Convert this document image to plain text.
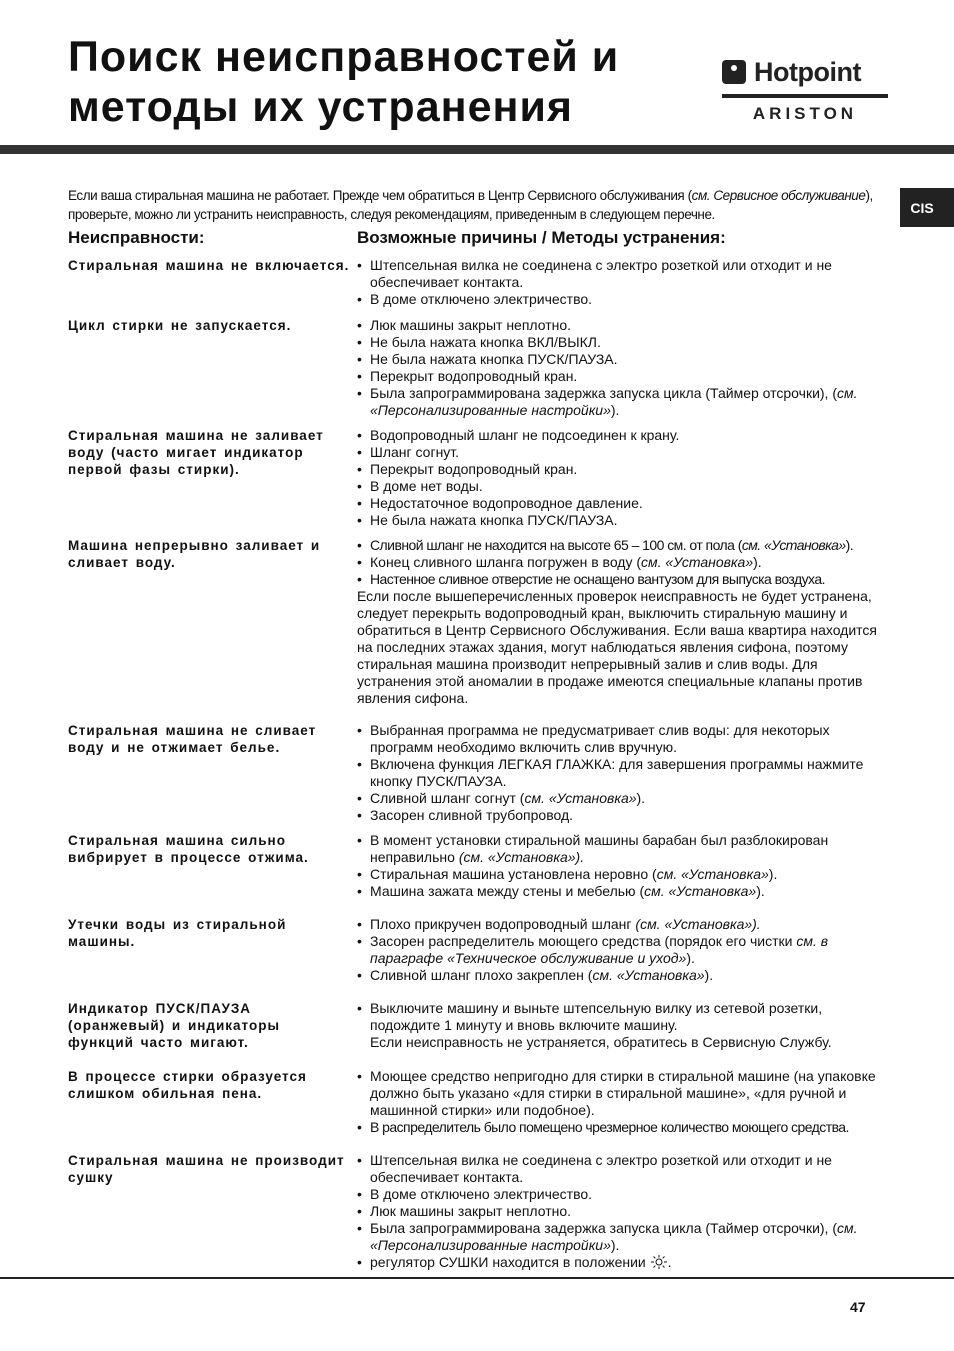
Поиск неисправностей и
методы их устранения
Hotpoint
ARISTON
CIS

Если ваша стиральная машина не работает. Прежде чем обратиться в Центр Сервисного обслуживания (см. Сервисное обслуживание), проверьте, можно ли устранить неисправность, следуя рекомендациям, приведенным в следующем перечне.

Неисправности:	Возможные причины / Методы устранения:
Стиральная машина не включается.	• Штепсельная вилка не соединена с электро розеткой или отходит и не обеспечивает контакта.
• В доме отключено электричество.
Цикл стирки не запускается.	• Люк машины закрыт неплотно.
• Не была нажата кнопка ВКЛ/ВЫКЛ.
• Не была нажата кнопка ПУСК/ПАУЗА.
• Перекрыт водопроводный кран.
• Была запрограммирована задержка запуска цикла (Таймер отсрочки), (см. «Персонализированные настройки»).
Стиральная машина не заливает воду (часто мигает индикатор первой фазы стирки).
• Водопроводный шланг не подсоединен к крану.
• Шланг согнут.
• Перекрыт водопроводный кран.
• В доме нет воды.
• Недостаточное водопроводное давление.
• Не была нажата кнопка ПУСК/ПАУЗА.
Машина непрерывно заливает и сливает воду.
• Сливной шланг не находится на высоте 65 – 100 см. от пола (см. «Установка»).
• Конец сливного шланга погружен в воду (см. «Установка»).
• Настенное сливное отверстие не оснащено вантузом для выпуска воздуха.
Если после вышеперечисленных проверок неисправность не будет устранена, следует перекрыть водопроводный кран, выключить стиральную машину и обратиться в Центр Сервисного Обслуживания. Если ваша квартира находится на последних этажах здания, могут наблюдаться явления сифона, поэтому стиральная машина производит непрерывный залив и слив воды. Для устранения этой аномалии в продаже имеются специальные клапаны против явления сифона.
Стиральная машина не сливает воду и не отжимает белье.
• Выбранная программа не предусматривает слив воды: для некоторых программ необходимо включить слив вручную.
• Включена функция ЛЕГКАЯ ГЛАЖКА: для завершения программы нажмите кнопку ПУСК/ПАУЗА.
• Сливной шланг согнут (см. «Установка»).
• Засорен сливной трубопровод.
Стиральная машина сильно вибрирует в процессе отжима.
• В момент установки стиральной машины барабан был разблокирован неправильно (см. «Установка»).
• Стиральная машина установлена неровно (см. «Установка»).
• Машина зажата между стены и мебелью (см. «Установка»).
Утечки воды из стиральной машины.
• Плохо прикручен водопроводный шланг (см. «Установка»).
• Засорен распределитель моющего средства (порядок его чистки см. в параграфе «Техническое обслуживание и уход»).
• Сливной шланг плохо закреплен (см. «Установка»).
Индикатор ПУСК/ПАУЗА (оранжевый) и индикаторы функций часто мигают.
• Выключите машину и выньте штепсельную вилку из сетевой розетки, подождите 1 минуту и вновь включите машину.
Если неисправность не устраняется, обратитесь в Сервисную Службу.
В процессе стирки образуется слишком обильная пена.
• Моющее средство непригодно для стирки в стиральной машине (на упаковке должно быть указано «для стирки в стиральной машине», «для ручной и машинной стирки» или подобное).
• В распределитель было помещено чрезмерное количество моющего средства.
Стиральная машина не производит сушку
• Штепсельная вилка не соединена с электро розеткой или отходит и не обеспечивает контакта.
• В доме отключено электричество.
• Люк машины закрыт неплотно.
• Была запрограммирована задержка запуска цикла (Таймер отсрочки), (см. «Персонализированные настройки»).
• регулятор СУШКИ находится в положении .
47
